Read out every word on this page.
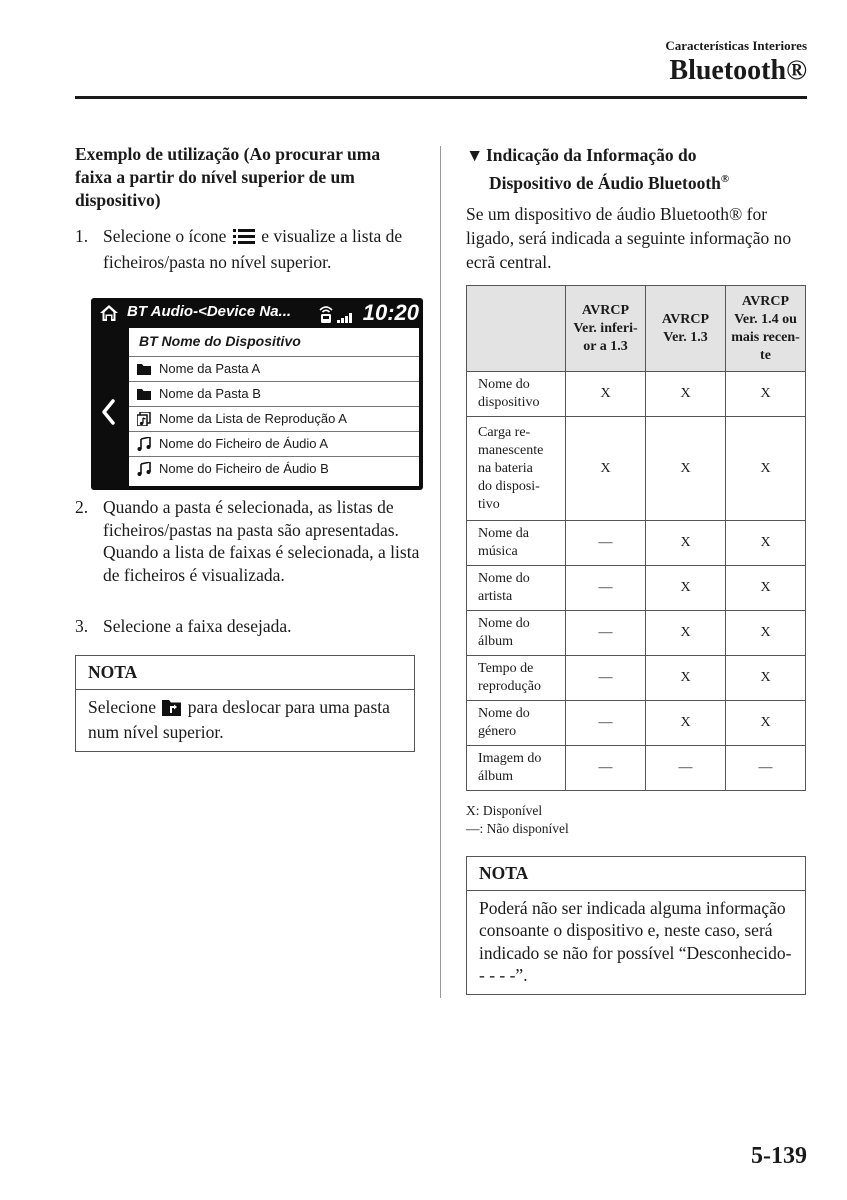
Características Interiores
Bluetooth®
Exemplo de utilização (Ao procurar uma faixa a partir do nível superior de um dispositivo)
1. Selecione o ícone  e visualize a lista de ficheiros/pasta no nível superior.
BT Audio-<Device Na...	10:20
BT Nome do Dispositivo
Nome da Pasta A
Nome da Pasta B
Nome da Lista de Reprodução A
Nome do Ficheiro de Áudio A
Nome do Ficheiro de Áudio B
2. Quando a pasta é selecionada, as listas de ficheiros/pastas na pasta são apresentadas.
Quando a lista de faixas é selecionada, a lista de ficheiros é visualizada.
3. Selecione a faixa desejada.
NOTA
Selecione  para deslocar para uma pasta num nível superior.
▼ Indicação da Informação do
Dispositivo de Áudio Bluetooth®
Se um dispositivo de áudio Bluetooth® for ligado, será indicada a seguinte informação no ecrã central.
	AVRCP
Ver. inferi-
or a 1.3	AVRCP
Ver. 1.3	AVRCP
Ver. 1.4 ou
mais recen-
te
Nome do
dispositivo	X	X	X
Carga re-
manescente
na bateria
do disposi-
tivo	X	X	X
Nome da
música	—	X	X
Nome do
artista	—	X	X
Nome do
álbum	—	X	X
Tempo de
reprodução	—	X	X
Nome do
género	—	X	X
Imagem do
álbum	—	—	—
X: Disponível
—: Não disponível
NOTA
Poderá não ser indicada alguma informação consoante o dispositivo e, neste caso, será indicado se não for possível “Desconhecido- - - - -”.
5-139
